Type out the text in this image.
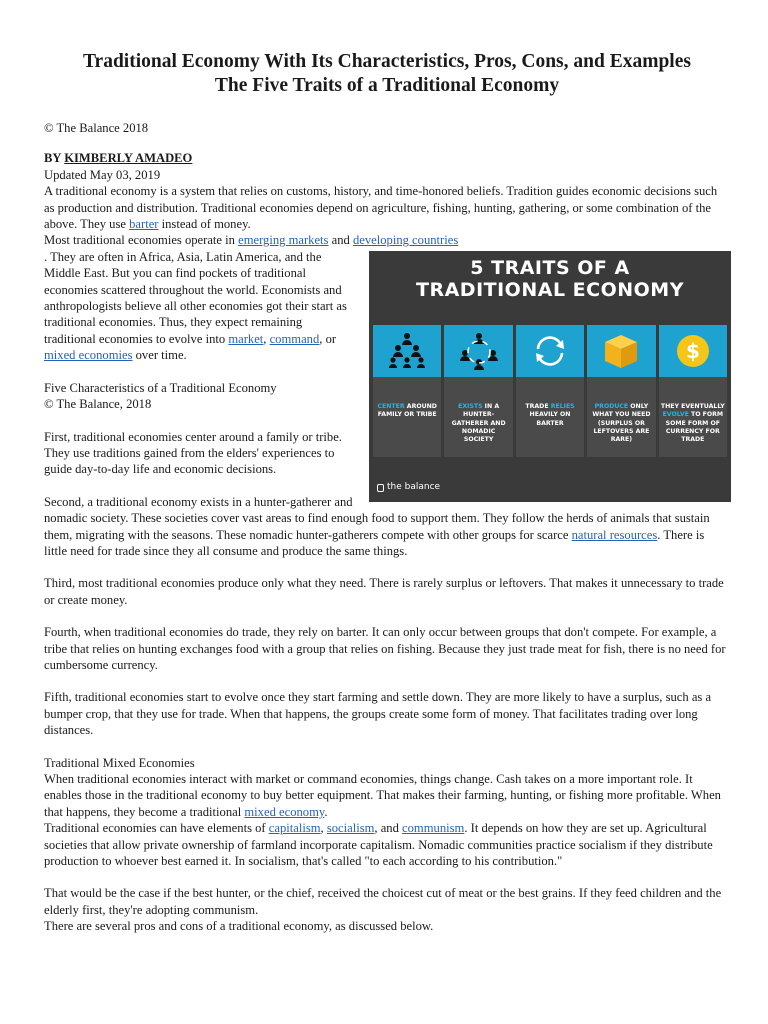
Traditional Economy With Its Characteristics, Pros, Cons, and Examples
The Five Traits of a Traditional Economy

© The Balance 2018

BY KIMBERLY AMADEO

Updated May 03, 2019

A traditional economy is a system that relies on customs, history, and time-honored beliefs. Tradition guides economic decisions such as production and distribution. Traditional economies depend on agriculture, fishing, hunting, gathering, or some combination of the above. They use barter instead of money.

Most traditional economies operate in emerging markets and developing countries

5 TRAITS OF A
TRADITIONAL ECONOMY
$
CENTER AROUND FAMILY OR TRIBE
EXISTS IN A HUNTER-GATHERER AND NOMADIC SOCIETY
TRADE RELIES HEAVILY ON BARTER
PRODUCE ONLY WHAT YOU NEED (SURPLUS OR LEFTOVERS ARE RARE)
THEY EVENTUALLY EVOLVE TO FORM SOME FORM OF CURRENCY FOR TRADE
the balance
. They are often in Africa, Asia, Latin America, and the Middle East. But you can find pockets of traditional economies scattered throughout the world. Economists and anthropologists believe all other economies got their start as traditional economies. Thus, they expect remaining traditional economies to evolve into market, command, or mixed economies over time.

Five Characteristics of a Traditional Economy
© The Balance, 2018

First, traditional economies center around a family or tribe. They use traditions gained from the elders' experiences to guide day-to-day life and economic decisions.

Second, a traditional economy exists in a hunter-gatherer and nomadic society. These societies cover vast areas to find enough food to support them. They follow the herds of animals that sustain them, migrating with the seasons. These nomadic hunter-gatherers compete with other groups for scarce natural resources. There is little need for trade since they all consume and produce the same things.

Third, most traditional economies produce only what they need. There is rarely surplus or leftovers. That makes it unnecessary to trade or create money.

Fourth, when traditional economies do trade, they rely on barter. It can only occur between groups that don't compete. For example, a tribe that relies on hunting exchanges food with a group that relies on fishing. Because they just trade meat for fish, there is no need for cumbersome currency.

Fifth, traditional economies start to evolve once they start farming and settle down. They are more likely to have a surplus, such as a bumper crop, that they use for trade. When that happens, the groups create some form of money. That facilitates trading over long distances.

Traditional Mixed Economies

When traditional economies interact with market or command economies, things change. Cash takes on a more important role. It enables those in the traditional economy to buy better equipment. That makes their farming, hunting, or fishing more profitable. When that happens, they become a traditional mixed economy.

Traditional economies can have elements of capitalism, socialism, and communism. It depends on how they are set up. Agricultural societies that allow private ownership of farmland incorporate capitalism. Nomadic communities practice socialism if they distribute production to whoever best earned it. In socialism, that's called "to each according to his contribution."

That would be the case if the best hunter, or the chief, received the choicest cut of meat or the best grains. If they feed children and the elderly first, they're adopting communism.

There are several pros and cons of a traditional economy, as discussed below.
